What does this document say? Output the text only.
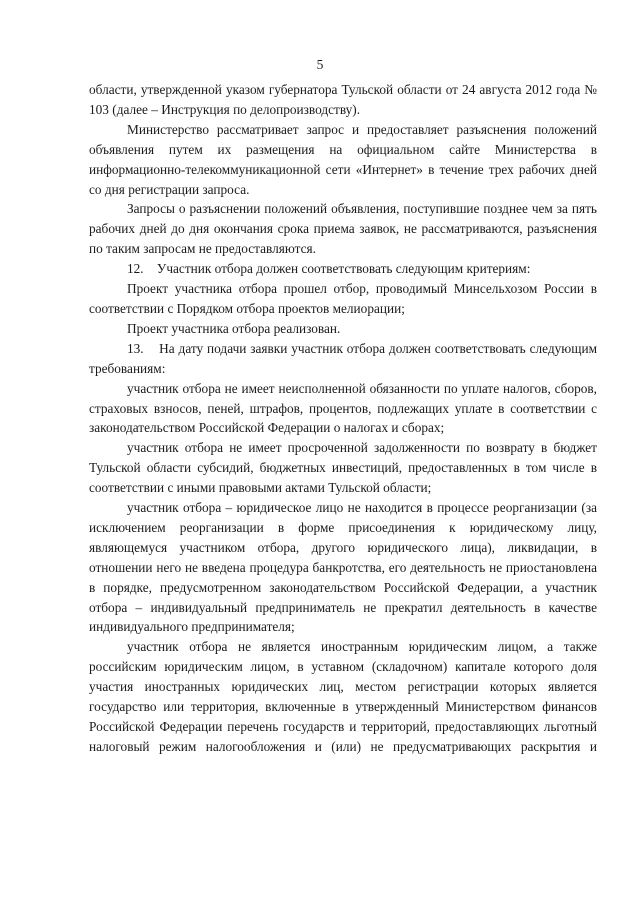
5

области, утвержденной указом губернатора Тульской области от 24 августа 2012 года № 103 (далее – Инструкция по делопроизводству).

Министерство рассматривает запрос и предоставляет разъяснения положений объявления путем их размещения на официальном сайте Министерства в информационно-телекоммуникационной сети «Интернет» в течение трех рабочих дней со дня регистрации запроса.

Запросы о разъяснении положений объявления, поступившие позднее чем за пять рабочих дней до дня окончания срока приема заявок, не рассматриваются, разъяснения по таким запросам не предоставляются.

12.    Участник отбора должен соответствовать следующим критериям:

Проект участника отбора прошел отбор, проводимый Минсельхозом России в соответствии с Порядком отбора проектов мелиорации;

Проект участника отбора реализован.

13.    На дату подачи заявки участник отбора должен соответствовать следующим требованиям:

участник отбора не имеет неисполненной обязанности по уплате налогов, сборов, страховых взносов, пеней, штрафов, процентов, подлежащих уплате в соответствии с законодательством Российской Федерации о налогах и сборах;

участник отбора не имеет просроченной задолженности по возврату в бюджет Тульской области субсидий, бюджетных инвестиций, предоставленных в том числе в соответствии с иными правовыми актами Тульской области;

участник отбора – юридическое лицо не находится в процессе реорганизации (за исключением реорганизации в форме присоединения к юридическому лицу, являющемуся участником отбора, другого юридического лица), ликвидации, в отношении него не введена процедура банкротства, его деятельность не приостановлена в порядке, предусмотренном законодательством Российской Федерации, а участник отбора – индивидуальный предприниматель не прекратил деятельность в качестве индивидуального предпринимателя;

участник отбора не является иностранным юридическим лицом, а также российским юридическим лицом, в уставном (складочном) капитале которого доля участия иностранных юридических лиц, местом регистрации которых является государство или территория, включенные в утвержденный Министерством финансов Российской Федерации перечень государств и территорий, предоставляющих льготный налоговый режим налогообложения и (или) не предусматривающих раскрытия и
